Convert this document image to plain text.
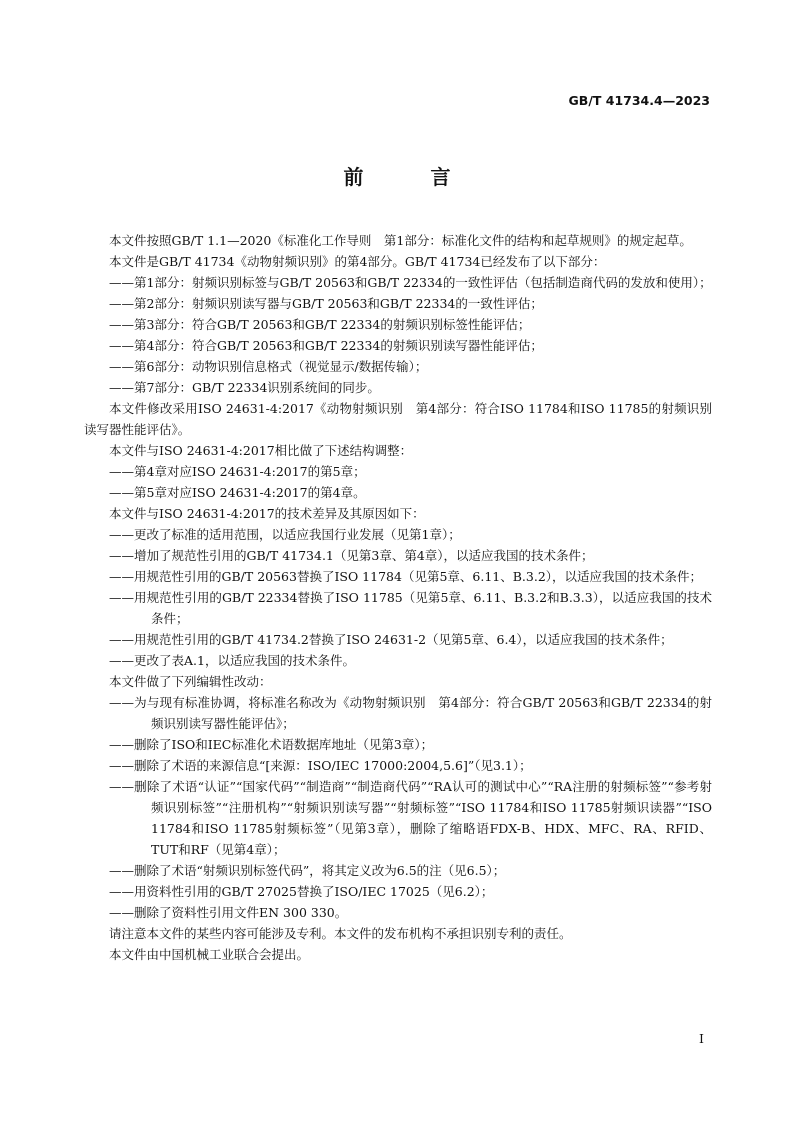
GB/T 41734.4—2023
前 言

本文件按照GB/T 1.1—2020《标准化工作导则　第1部分：标准化文件的结构和起草规则》的规定起草。

本文件是GB/T 41734《动物射频识别》的第4部分。GB/T 41734已经发布了以下部分：

——第1部分：射频识别标签与GB/T 20563和GB/T 22334的一致性评估（包括制造商代码的发放和使用）；

——第2部分：射频识别读写器与GB/T 20563和GB/T 22334的一致性评估；

——第3部分：符合GB/T 20563和GB/T 22334的射频识别标签性能评估；

——第4部分：符合GB/T 20563和GB/T 22334的射频识别读写器性能评估；

——第6部分：动物识别信息格式（视觉显示/数据传输）；

——第7部分：GB/T 22334识别系统间的同步。

本文件修改采用ISO 24631-4:2017《动物射频识别　第4部分：符合ISO 11784和ISO 11785的射频识别读写器性能评估》。

本文件与ISO 24631-4:2017相比做了下述结构调整：

——第4章对应ISO 24631-4:2017的第5章；

——第5章对应ISO 24631-4:2017的第4章。

本文件与ISO 24631-4:2017的技术差异及其原因如下：

——更改了标准的适用范围，以适应我国行业发展（见第1章）；

——增加了规范性引用的GB/T 41734.1（见第3章、第4章），以适应我国的技术条件；

——用规范性引用的GB/T 20563替换了ISO 11784（见第5章、6.11、B.3.2），以适应我国的技术条件；

——用规范性引用的GB/T 22334替换了ISO 11785（见第5章、6.11、B.3.2和B.3.3），以适应我国的技术条件；

——用规范性引用的GB/T 41734.2替换了ISO 24631-2（见第5章、6.4），以适应我国的技术条件；

——更改了表A.1，以适应我国的技术条件。

本文件做了下列编辑性改动：

——为与现有标准协调，将标准名称改为《动物射频识别　第4部分：符合GB/T 20563和GB/T 22334的射频识别读写器性能评估》；

——删除了ISO和IEC标准化术语数据库地址（见第3章）；

——删除了术语的来源信息“[来源：ISO/IEC 17000:2004,5.6]”（见3.1）；

——删除了术语“认证”“国家代码”“制造商”“制造商代码”“RA认可的测试中心”“RA注册的射频标签”“参考射频识别标签”“注册机构”“射频识别读写器”“射频标签”“ISO 11784和ISO 11785射频识读器”“ISO 11784和ISO 11785射频标签”（见第3章），删除了缩略语FDX-B、HDX、MFC、RA、RFID、TUT和RF（见第4章）；

——删除了术语“射频识别标签代码”，将其定义改为6.5的注（见6.5）；

——用资料性引用的GB/T 27025替换了ISO/IEC 17025（见6.2）；

——删除了资料性引用文件EN 300 330。

请注意本文件的某些内容可能涉及专利。本文件的发布机构不承担识别专利的责任。

本文件由中国机械工业联合会提出。

I
